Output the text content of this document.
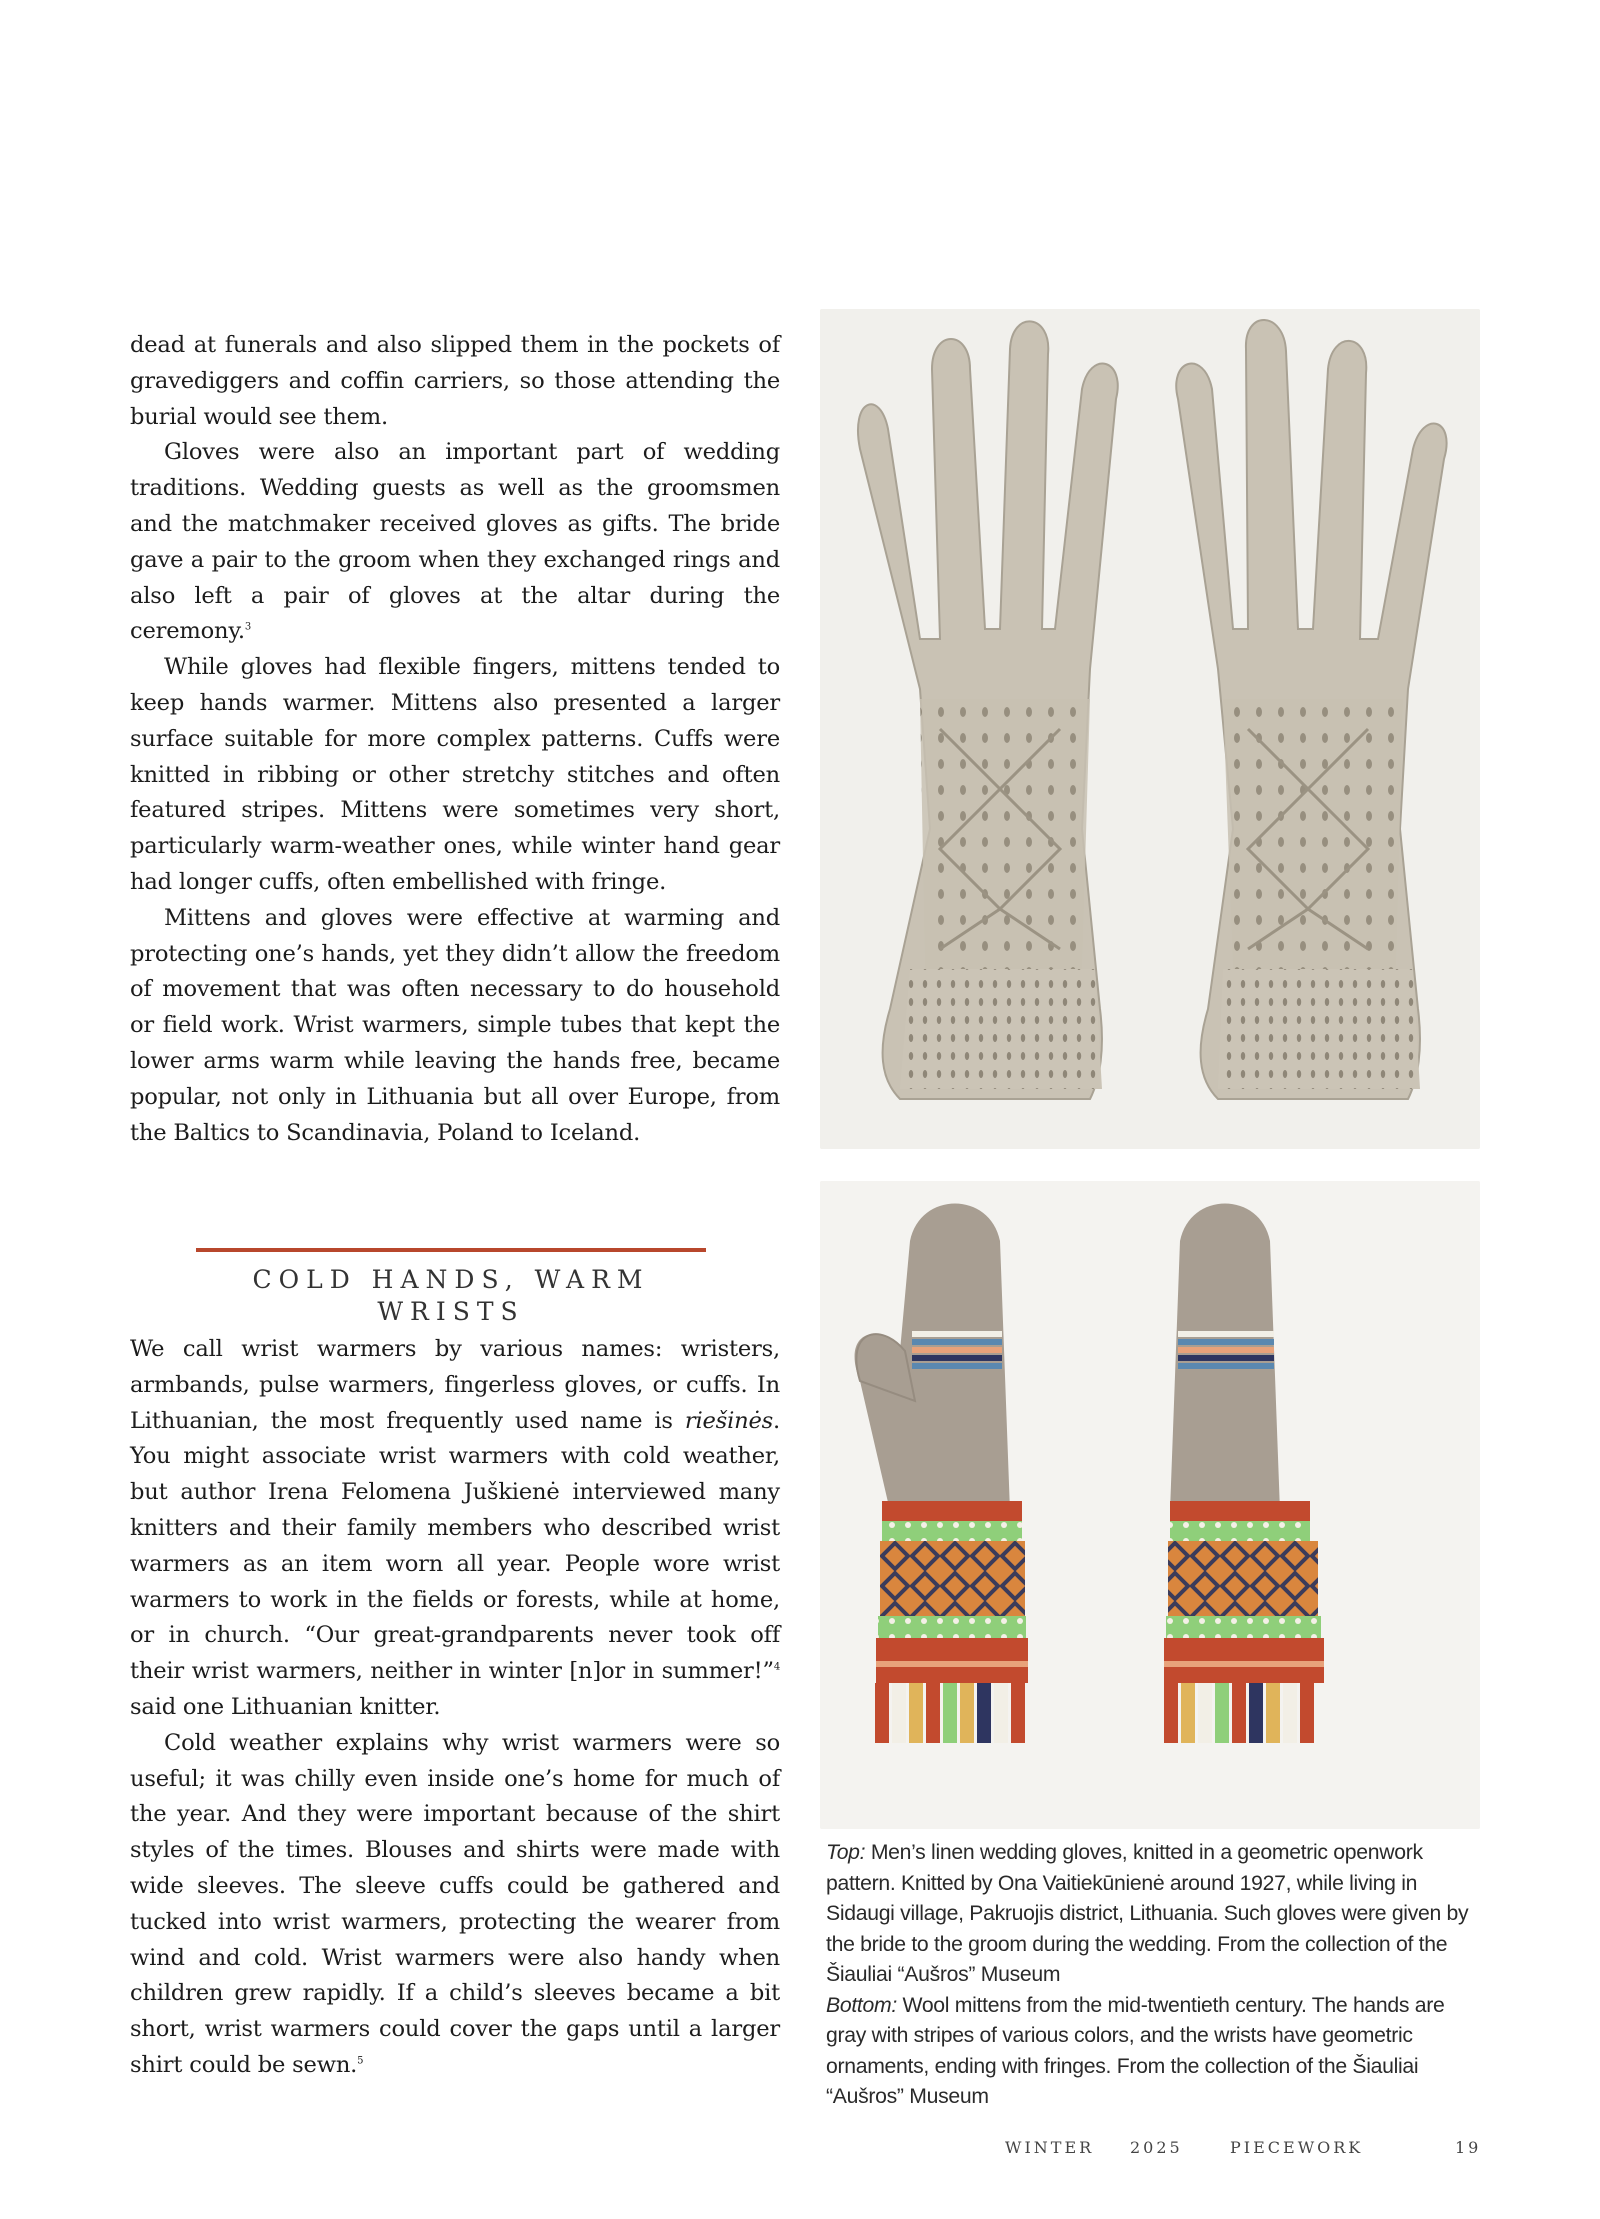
dead at funerals and also slipped them in the pockets of gravediggers and coffin carriers, so those attending the burial would see them.

Gloves were also an important part of wedding traditions. Wedding guests as well as the groomsmen and the matchmaker received gloves as gifts. The bride gave a pair to the groom when they exchanged rings and also left a pair of gloves at the altar during the ceremony.$^3$

While gloves had flexible fingers, mittens tended to keep hands warmer. Mittens also presented a larger surface suitable for more complex patterns. Cuffs were knitted in ribbing or other stretchy stitches and often featured stripes. Mittens were sometimes very short, particularly warm-weather ones, while winter hand gear had longer cuffs, often embellished with fringe.

Mittens and gloves were effective at warming and protecting one’s hands, yet they didn’t allow the freedom of movement that was often necessary to do household or field work. Wrist warmers, simple tubes that kept the lower arms warm while leaving the hands free, became popular, not only in Lithuania but all over Europe, from the Baltics to Scandinavia, Poland to Iceland.

COLD HANDS, WARM WRISTS

We call wrist warmers by various names: wristers, armbands, pulse warmers, fingerless gloves, or cuffs. In Lithuanian, the most frequently used name is riešinės. You might associate wrist warmers with cold weather, but author Irena Felomena Juškienė interviewed many knitters and their family members who described wrist warmers as an item worn all year. People wore wrist warmers to work in the fields or forests, while at home, or in church. “Our great-grandparents never took off their wrist warmers, neither in winter [n]or in summer!”$^4$ said one Lithuanian knitter.

Cold weather explains why wrist warmers were so useful; it was chilly even inside one’s home for much of the year. And they were important because of the shirt styles of the times. Blouses and shirts were made with wide sleeves. The sleeve cuffs could be gathered and tucked into wrist warmers, protecting the wearer from wind and cold. Wrist warmers were also handy when children grew rapidly. If a child’s sleeves became a bit short, wrist warmers could cover the gaps until a larger shirt could be sewn.$^5$

Top: Men’s linen wedding gloves, knitted in a geometric openwork pattern. Knitted by Ona Vaitiekūnienė around 1927, while living in Sidaugi village, Pakruojis district, Lithuania. Such gloves were given by the bride to the groom during the wedding. From the collection of the Šiauliai “Aušros” Museum

Bottom: Wool mittens from the mid-twentieth century. The hands are gray with stripes of various colors, and the wrists have geometric ornaments, ending with fringes. From the collection of the Šiauliai “Aušros” Museum

WINTER 2025	PIECEWORK	19
